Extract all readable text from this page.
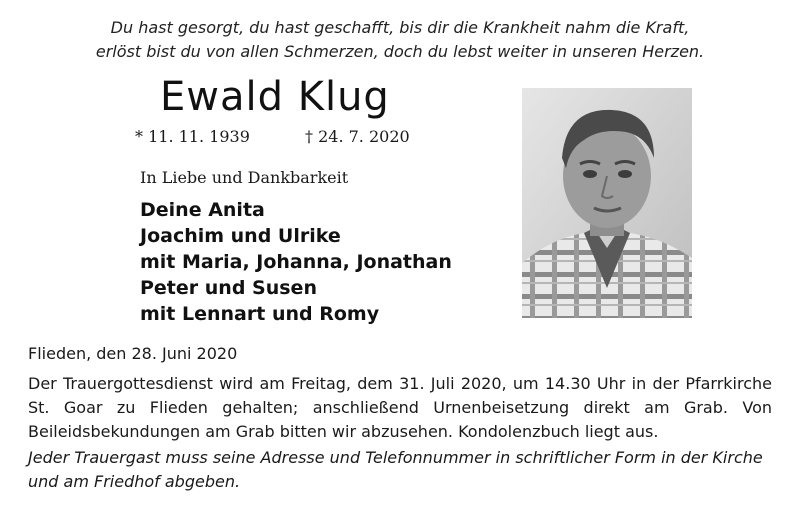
Du hast gesorgt, du hast geschafft, bis dir die Krankheit nahm die Kraft,
erlöst bist du von allen Schmerzen, doch du lebst weiter in unseren Herzen.
Ewald Klug
* 11. 11. 1939	† 24. 7. 2020
In Liebe und Dankbarkeit
Deine Anita
Joachim und Ulrike
mit Maria, Johanna, Jonathan
Peter und Susen
mit Lennart und Romy
Flieden, den 28. Juni 2020
Der Trauergottesdienst wird am Freitag, dem 31. Juli 2020, um 14.30 Uhr in der Pfarrkirche St. Goar zu Flieden gehalten; anschließend Urnenbeisetzung direkt am Grab. Von Beileidsbekundungen am Grab bitten wir abzusehen. Kondolenzbuch liegt aus.
Jeder Trauergast muss seine Adresse und Telefonnummer in schriftlicher Form in der Kirche und am Friedhof abgeben.
